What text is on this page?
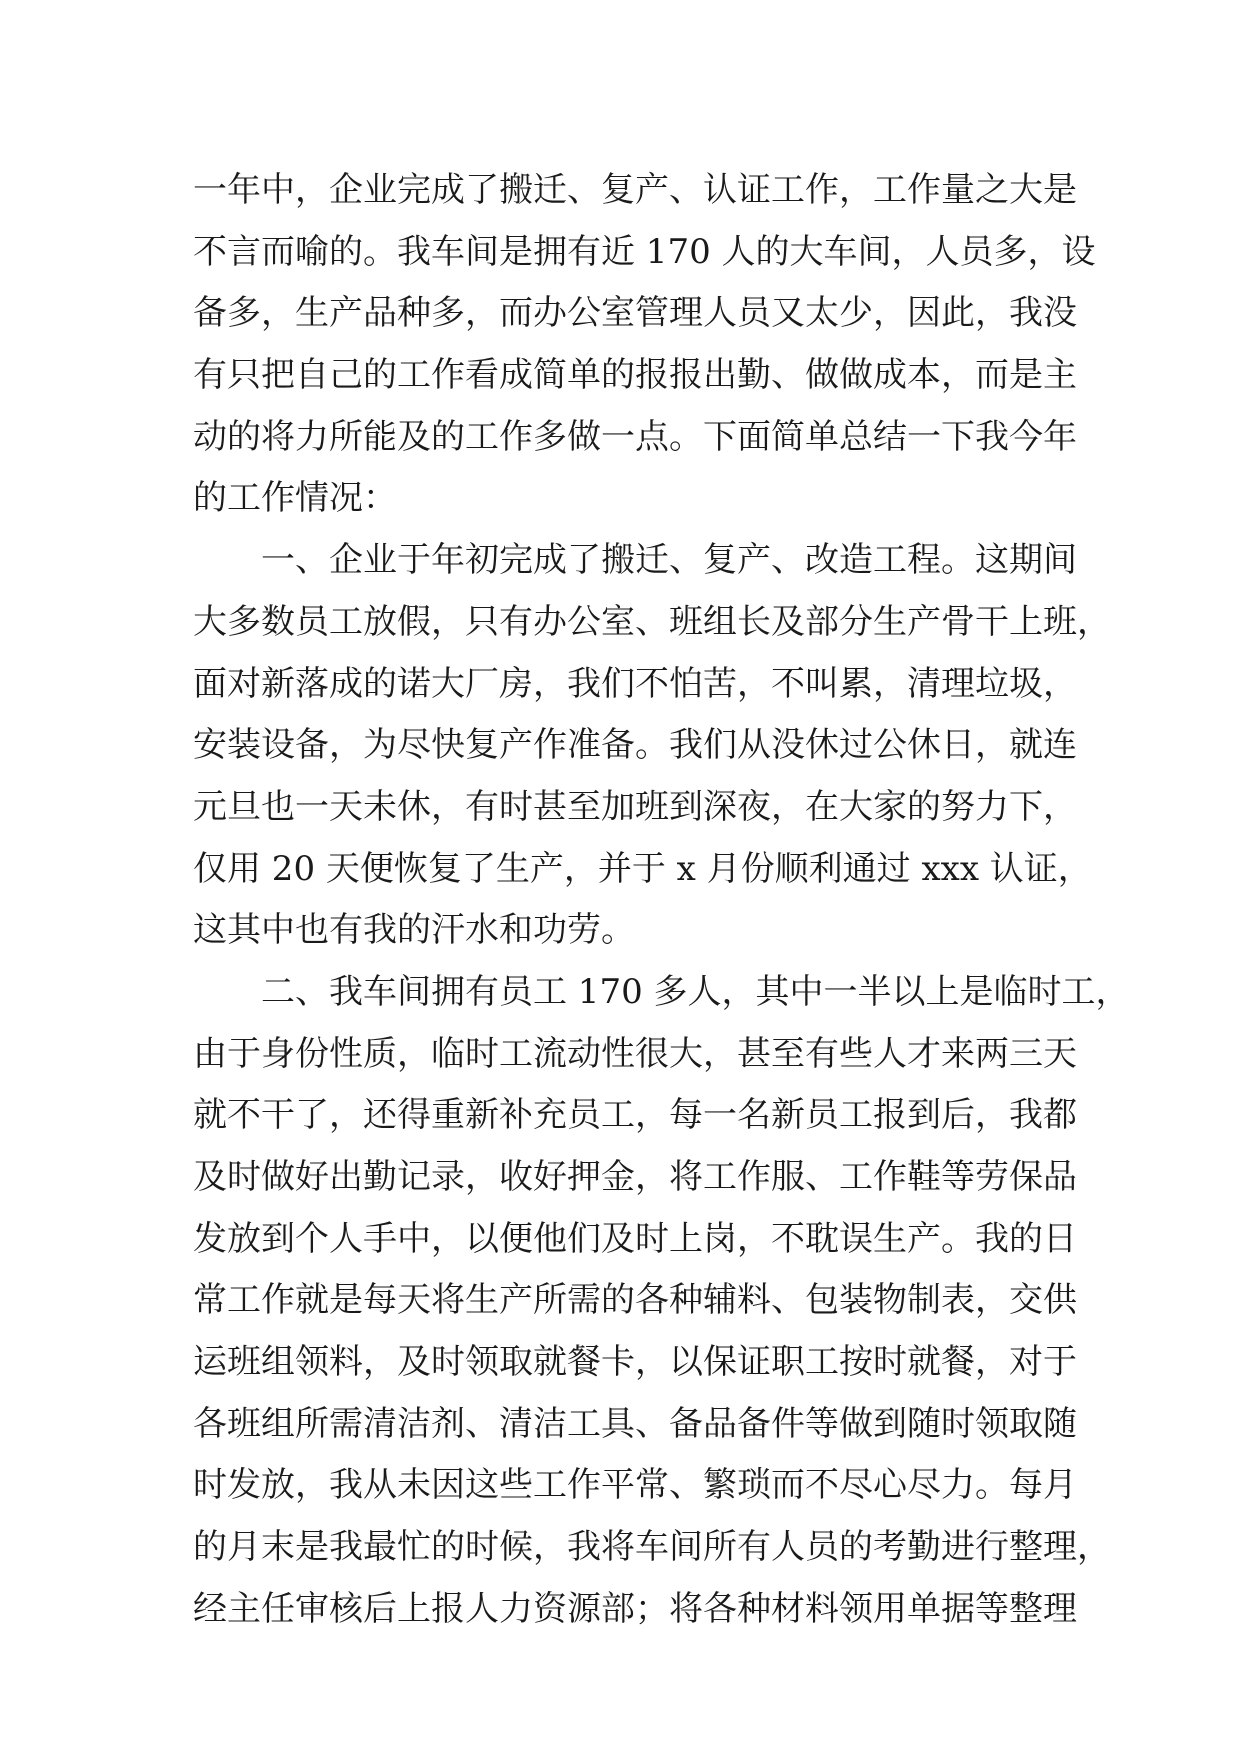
一年中，企业完成了搬迁、复产、认证工作，工作量之大是
不言而喻的。我车间是拥有近 170 人的大车间，人员多，设
备多，生产品种多，而办公室管理人员又太少，因此，我没
有只把自己的工作看成简单的报报出勤、做做成本，而是主
动的将力所能及的工作多做一点。下面简单总结一下我今年
的工作情况：
一、企业于年初完成了搬迁、复产、改造工程。这期间
大多数员工放假，只有办公室、班组长及部分生产骨干上班，
面对新落成的诺大厂房，我们不怕苦，不叫累，清理垃圾，
安装设备，为尽快复产作准备。我们从没休过公休日，就连
元旦也一天未休，有时甚至加班到深夜，在大家的努力下，
仅用 20 天便恢复了生产，并于 x 月份顺利通过 xxx 认证，
这其中也有我的汗水和功劳。
二、我车间拥有员工 170 多人，其中一半以上是临时工，
由于身份性质，临时工流动性很大，甚至有些人才来两三天
就不干了，还得重新补充员工，每一名新员工报到后，我都
及时做好出勤记录，收好押金，将工作服、工作鞋等劳保品
发放到个人手中，以便他们及时上岗，不耽误生产。我的日
常工作就是每天将生产所需的各种辅料、包装物制表，交供
运班组领料，及时领取就餐卡，以保证职工按时就餐，对于
各班组所需清洁剂、清洁工具、备品备件等做到随时领取随
时发放，我从未因这些工作平常、繁琐而不尽心尽力。每月
的月末是我最忙的时候，我将车间所有人员的考勤进行整理，
经主任审核后上报人力资源部；将各种材料领用单据等整理
